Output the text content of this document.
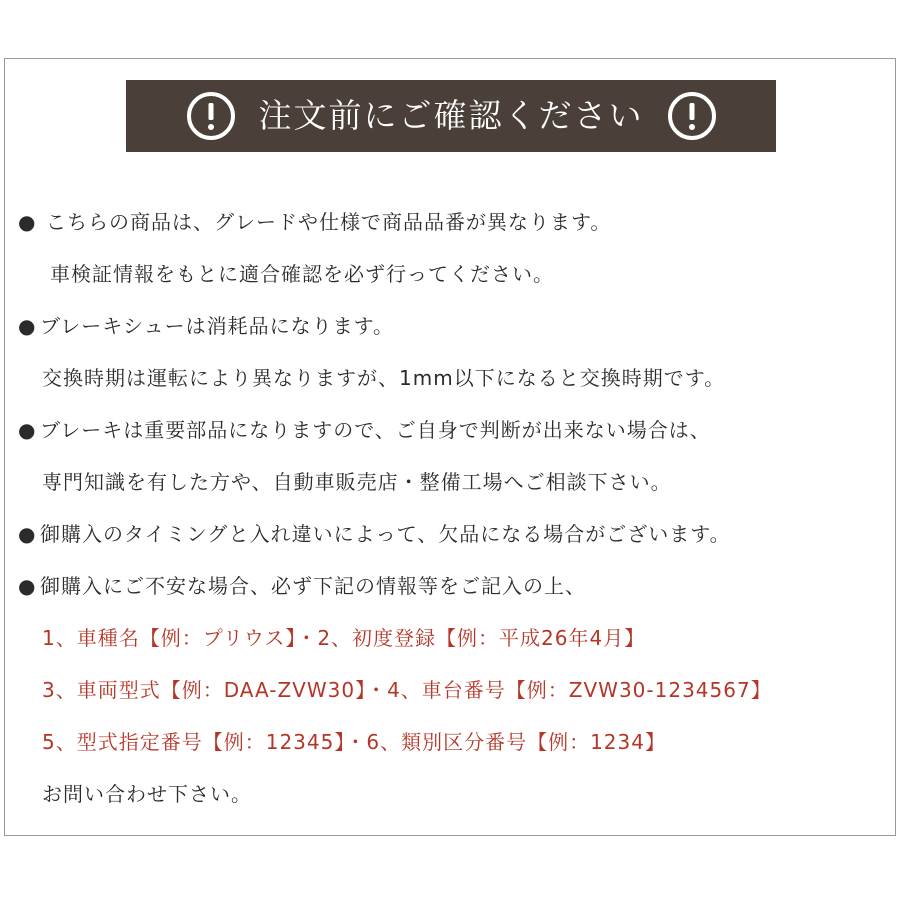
注文前にご確認ください
● こちらの商品は、グレードや仕様で商品品番が異なります。
車検証情報をもとに適合確認を必ず行ってください。
● ブレーキシューは消耗品になります。
交換時期は運転により異なりますが、1mm以下になると交換時期です。
● ブレーキは重要部品になりますので、ご自身で判断が出来ない場合は、
専門知識を有した方や、自動車販売店・整備工場へご相談下さい。
● 御購入のタイミングと入れ違いによって、欠品になる場合がございます。
● 御購入にご不安な場合、必ず下記の情報等をご記入の上、
1、車種名【例：プリウス】・2、初度登録【例：平成26年4月】
3、車両型式【例：DAA-ZVW30】・4、車台番号【例：ZVW30-1234567】
5、型式指定番号【例：12345】・6、類別区分番号【例：1234】
お問い合わせ下さい。
